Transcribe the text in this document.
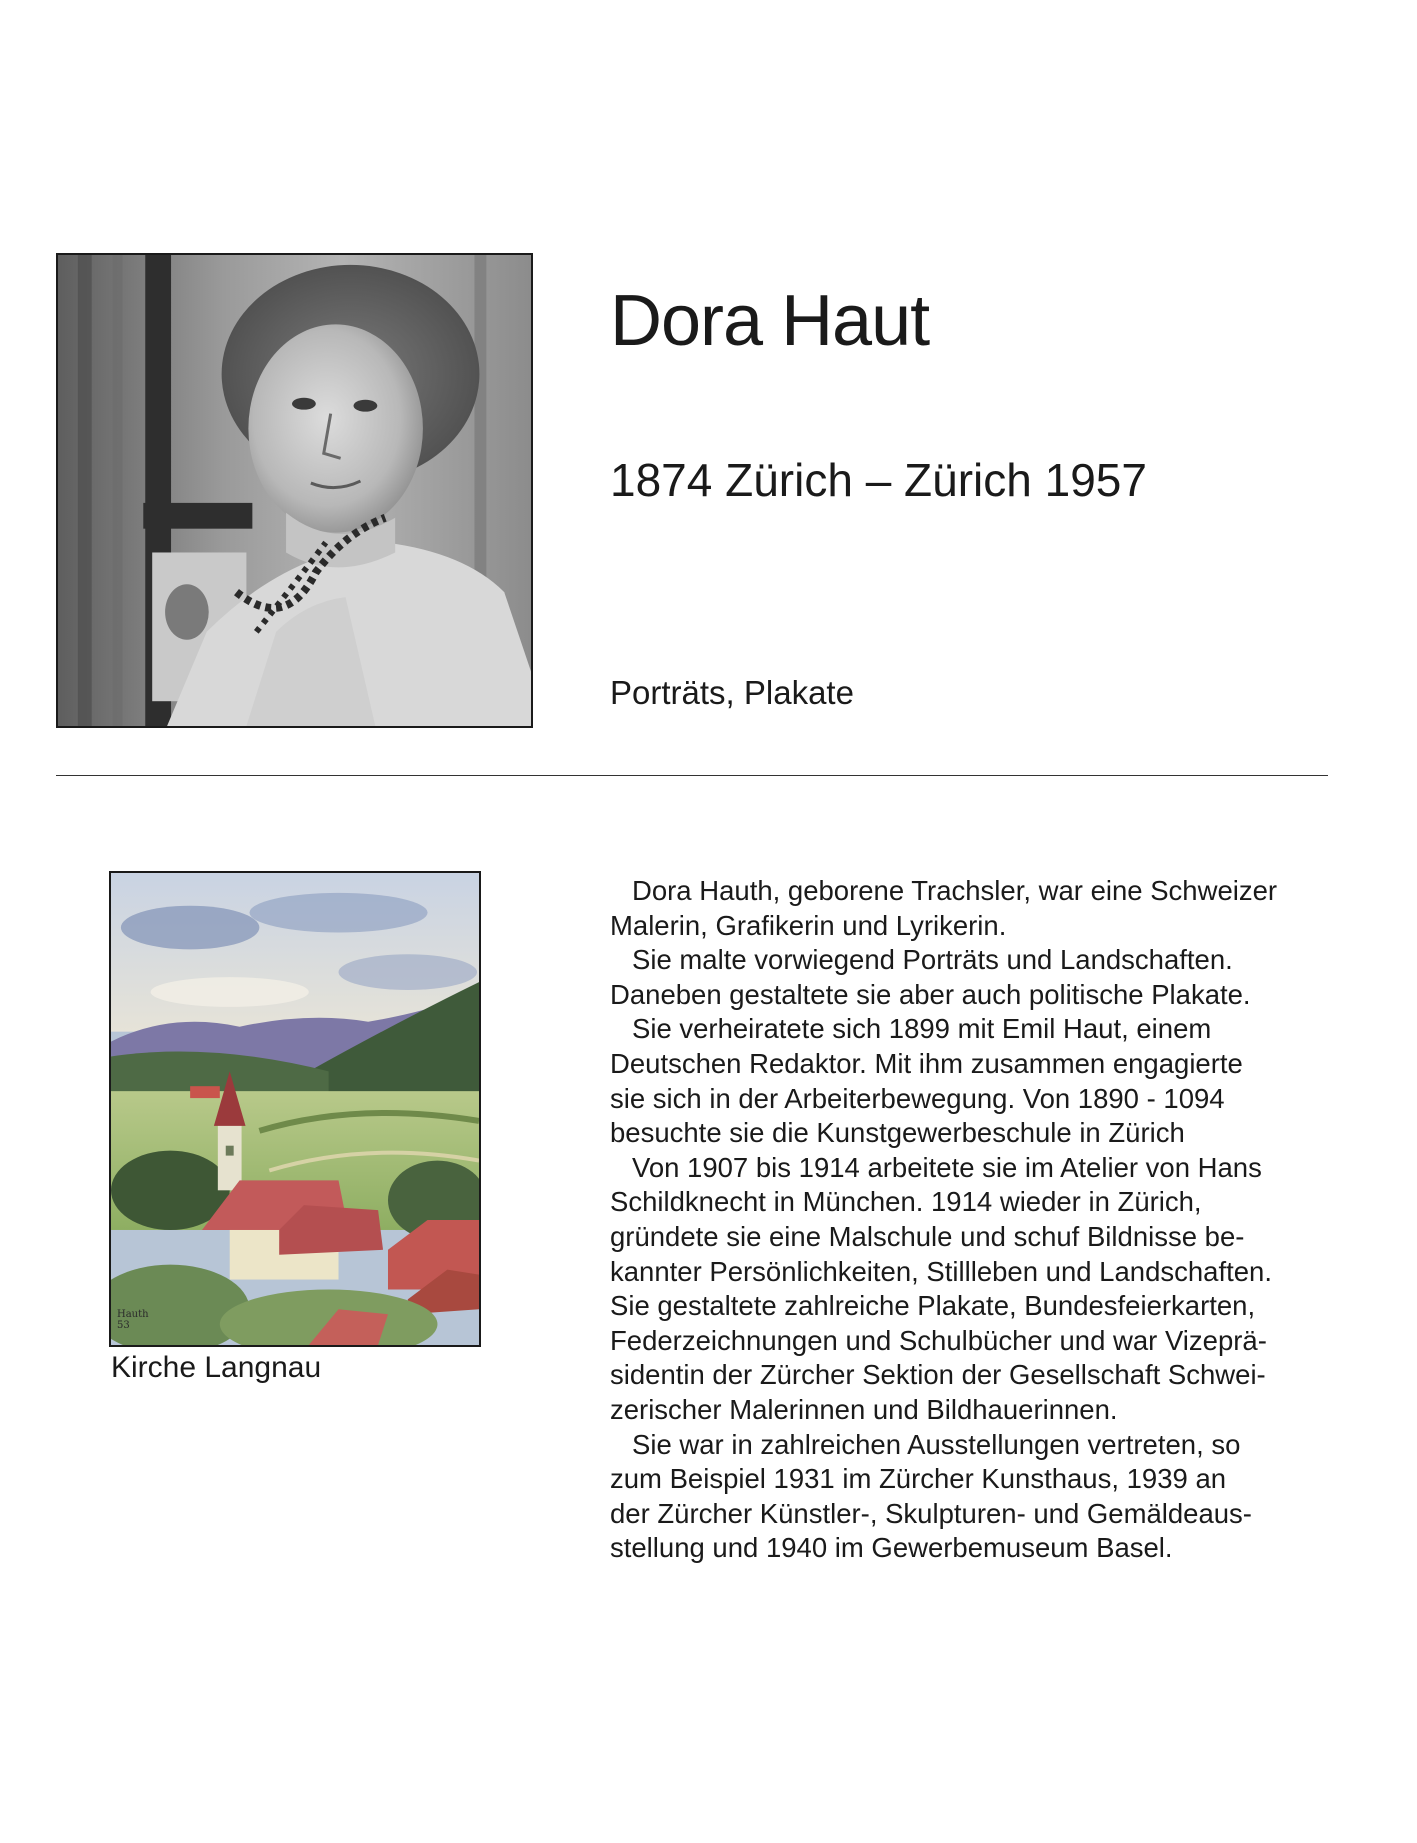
Dora Haut

1874 Zürich – Zürich 1957

Porträts, Plakate

Hauth 53

Kirche Langnau

Dora Hauth, geborene Trachsler, war eine Schweizer
Malerin, Grafikerin und Lyrikerin.
Sie malte vorwiegend Porträts und Landschaften.
Daneben gestaltete sie aber auch politische Plakate.
Sie verheiratete sich 1899 mit Emil Haut, einem
Deutschen Redaktor. Mit ihm zusammen engagierte
sie sich in der Arbeiterbewegung. Von 1890 - 1094
besuchte sie die Kunstgewerbeschule in Zürich
Von 1907 bis 1914 arbeitete sie im Atelier von Hans
Schildknecht in München. 1914 wieder in Zürich,
gründete sie eine Malschule und schuf Bildnisse be-
kannter Persönlichkeiten, Stillleben und Landschaften.
Sie gestaltete zahlreiche Plakate, Bundesfeierkarten,
Federzeichnungen und Schulbücher und war Vizeprä-
sidentin der Zürcher Sektion der Gesellschaft Schwei-
zerischer Malerinnen und Bildhauerinnen.
Sie war in zahlreichen Ausstellungen vertreten, so
zum Beispiel 1931 im Zürcher Kunsthaus, 1939 an
der Zürcher Künstler-, Skulpturen- und Gemäldeaus-
stellung und 1940 im Gewerbemuseum Basel.
